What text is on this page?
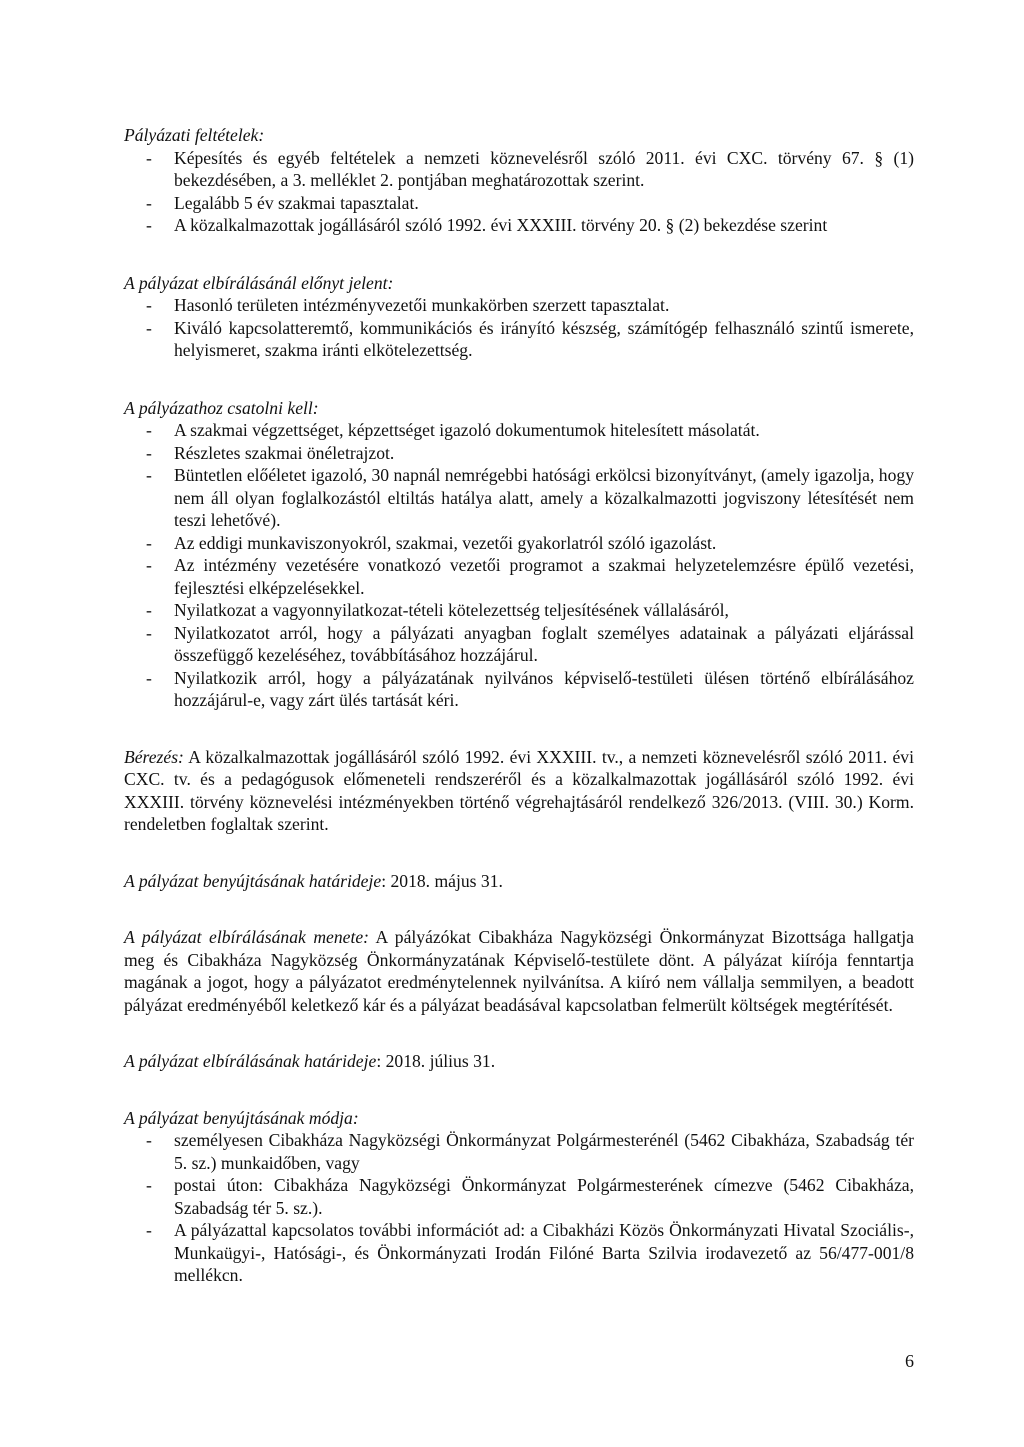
Pályázati feltételek:
- Képesítés és egyéb feltételek a nemzeti köznevelésről szóló 2011. évi CXC. törvény 67. § (1) bekezdésében, a 3. melléklet 2. pontjában meghatározottak szerint.
- Legalább 5 év szakmai tapasztalat.
- A közalkalmazottak jogállásáról szóló 1992. évi XXXIII. törvény 20. § (2) bekezdése szerint
A pályázat elbírálásánál előnyt jelent:
- Hasonló területen intézményvezetői munkakörben szerzett tapasztalat.
- Kiváló kapcsolatteremtő, kommunikációs és irányító készség, számítógép felhasználó szintű ismerete, helyismeret, szakma iránti elkötelezettség.
A pályázathoz csatolni kell:
- A szakmai végzettséget, képzettséget igazoló dokumentumok hitelesített másolatát.
- Részletes szakmai önéletrajzot.
- Büntetlen előéletet igazoló, 30 napnál nemrégebbi hatósági erkölcsi bizonyítványt, (amely igazolja, hogy nem áll olyan foglalkozástól eltiltás hatálya alatt, amely a közalkalmazotti jogviszony létesítését nem teszi lehetővé).
- Az eddigi munkaviszonyokról, szakmai, vezetői gyakorlatról szóló igazolást.
- Az intézmény vezetésére vonatkozó vezetői programot a szakmai helyzetelemzésre épülő vezetési, fejlesztési elképzelésekkel.
- Nyilatkozat a vagyonnyilatkozat-tételi kötelezettség teljesítésének vállalásáról,
- Nyilatkozatot arról, hogy a pályázati anyagban foglalt személyes adatainak a pályázati eljárással összefüggő kezeléséhez, továbbításához hozzájárul.
- Nyilatkozik arról, hogy a pályázatának nyilvános képviselő-testületi ülésen történő elbírálásához hozzájárul-e, vagy zárt ülés tartását kéri.

Bérezés: A közalkalmazottak jogállásáról szóló 1992. évi XXXIII. tv., a nemzeti köznevelésről szóló 2011. évi CXC. tv. és a pedagógusok előmeneteli rendszeréről és a közalkalmazottak jogállásáról szóló 1992. évi XXXIII. törvény köznevelési intézményekben történő végrehajtásáról rendelkező 326/2013. (VIII. 30.) Korm. rendeletben foglaltak szerint.

A pályázat benyújtásának határideje: 2018. május 31.

A pályázat elbírálásának menete: A pályázókat Cibakháza Nagyközségi Önkormányzat Bizottsága hallgatja meg és Cibakháza Nagyközség Önkormányzatának Képviselő-testülete dönt. A pályázat kiírója fenntartja magának a jogot, hogy a pályázatot eredménytelennek nyilvánítsa. A kiíró nem vállalja semmilyen, a beadott pályázat eredményéből keletkező kár és a pályázat beadásával kapcsolatban felmerült költségek megtérítését.

A pályázat elbírálásának határideje: 2018. július 31.

A pályázat benyújtásának módja:
- személyesen Cibakháza Nagyközségi Önkormányzat Polgármesterénél (5462 Cibakháza, Szabadság tér 5. sz.) munkaidőben, vagy
- postai úton: Cibakháza Nagyközségi Önkormányzat Polgármesterének címezve (5462 Cibakháza, Szabadság tér 5. sz.).
- A pályázattal kapcsolatos további információt ad: a Cibakházi Közös Önkormányzati Hivatal Szociális-, Munkaügyi-, Hatósági-, és Önkormányzati Irodán Filóné Barta Szilvia irodavezető az 56/477-001/8 mellékcn.
6
